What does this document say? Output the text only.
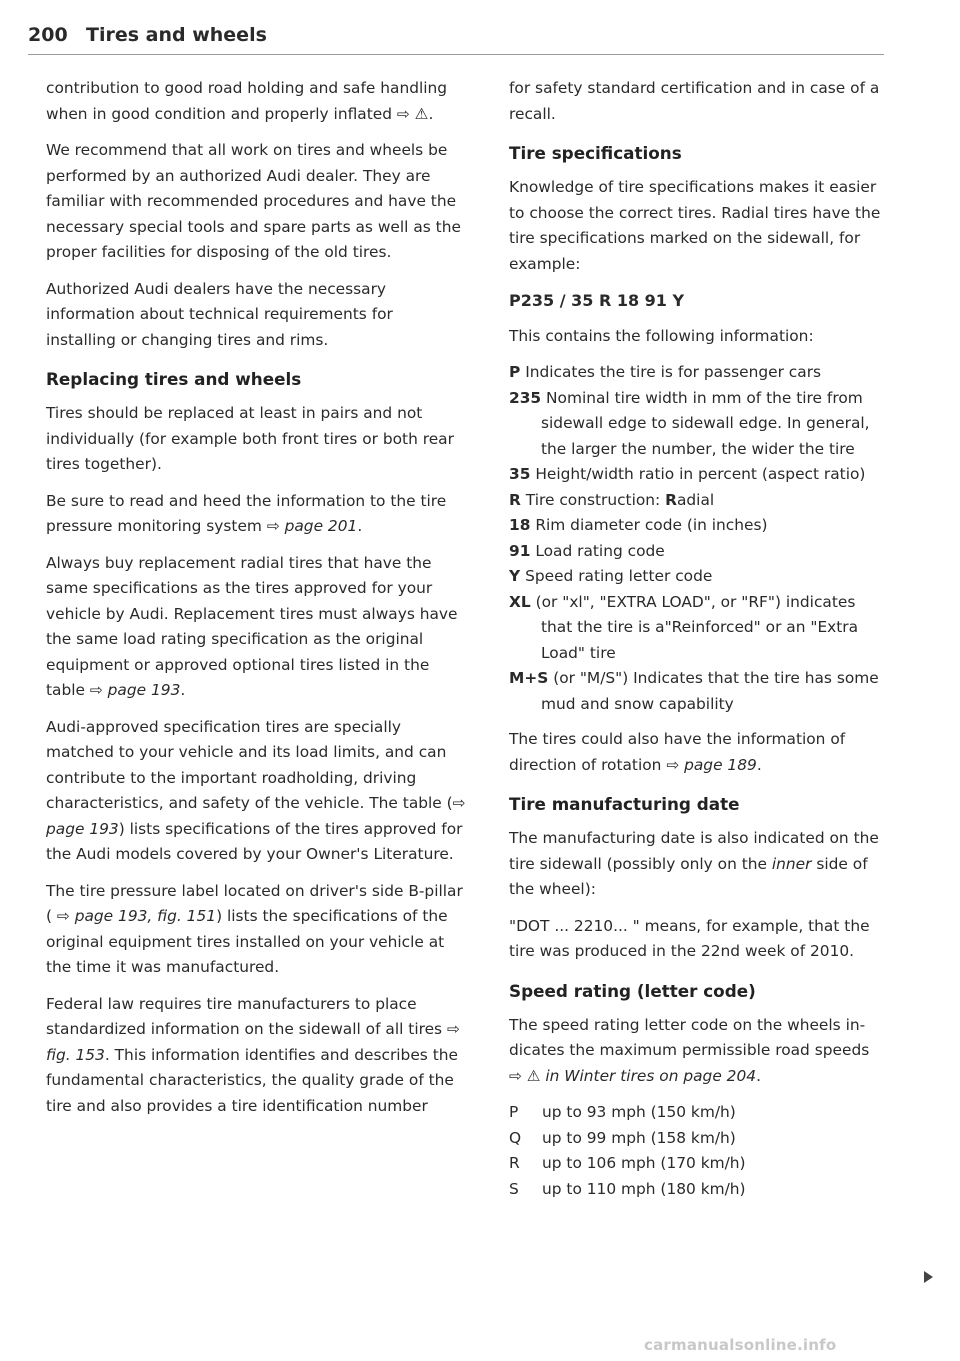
200 Tires and wheels

contribution to good road holding and safe handling when in good condition and properly inflated ⇨ ⚠.

We recommend that all work on tires and wheels be performed by an authorized Audi dealer. They are familiar with recommended procedures and have the necessary special tools and spare parts as well as the proper facilities for disposing of the old tires.

Authorized Audi dealers have the necessary information about technical requirements for installing or changing tires and rims.

Replacing tires and wheels

Tires should be replaced at least in pairs and not individually (for example both front tires or both rear tires together).

Be sure to read and heed the information to the tire pressure monitoring system ⇨ page 201.

Always buy replacement radial tires that have the same specifications as the tires approved for your vehicle by Audi. Replacement tires must always have the same load rating specification as the original equipment or approved optional tires listed in the table ⇨ page 193.

Audi-approved specification tires are specially matched to your vehicle and its load limits, and can contribute to the important roadholding, driving characteristics, and safety of the vehicle. The table (⇨ page 193) lists specifications of the tires approved for the Audi models covered by your Owner's Literature.

The tire pressure label located on driver's side B-pillar ( ⇨ page 193, fig. 151) lists the specifications of the original equipment tires installed on your vehicle at the time it was manufactured.

Federal law requires tire manufacturers to place standardized information on the sidewall of all tires ⇨ fig. 153. This information identifies and describes the fundamental characteristics, the quality grade of the tire and also provides a tire identification number

for safety standard certification and in case of a recall.

Tire specifications

Knowledge of tire specifications makes it easier to choose the correct tires. Radial tires have the tire specifications marked on the sidewall, for example:

P235 / 35 R 18 91 Y

This contains the following information:

P Indicates the tire is for passenger cars
235 Nominal tire width in mm of the tire from sidewall edge to sidewall edge. In general, the larger the number, the wider the tire
35 Height/width ratio in percent (aspect ratio)
R Tire construction: Radial
18 Rim diameter code (in inches)
91 Load rating code
Y Speed rating letter code
XL (or "xl", "EXTRA LOAD", or "RF") indicates that the tire is a"Reinforced" or an "Extra Load" tire
M+S (or "M/S") Indicates that the tire has some mud and snow capability

The tires could also have the information of direction of rotation ⇨ page 189.

Tire manufacturing date

The manufacturing date is also indicated on the tire sidewall (possibly only on the inner side of the wheel):

"DOT ... 2210... " means, for example, that the tire was produced in the 22nd week of 2010.

Speed rating (letter code)

The speed rating letter code on the wheels indicates the maximum permissible road speeds ⇨ ⚠ in Winter tires on page 204.

P	up to 93 mph (150 km/h)
Q	up to 99 mph (158 km/h)
R	up to 106 mph (170 km/h)
S	up to 110 mph (180 km/h)
carmanualsonline.info
